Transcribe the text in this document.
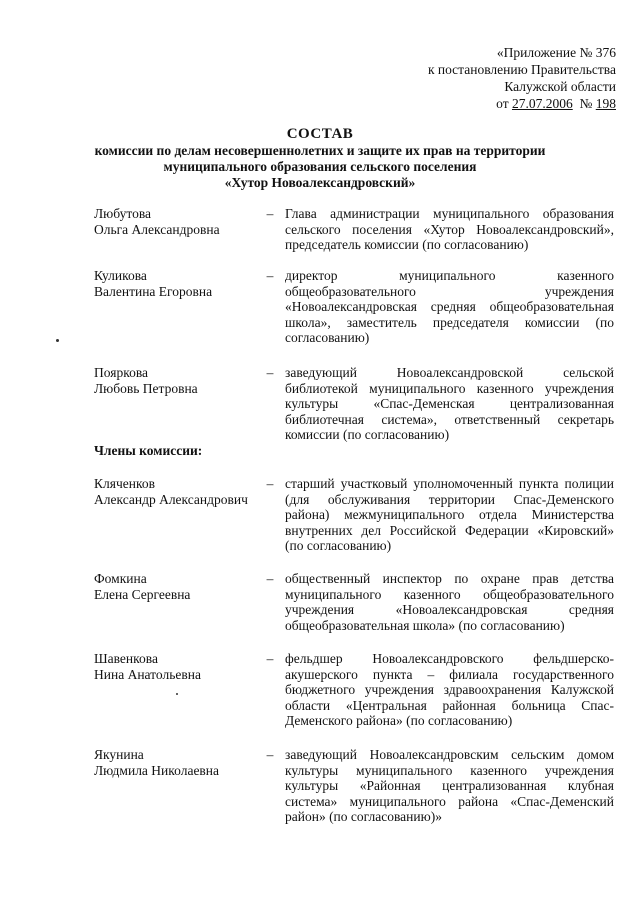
«Приложение № 376
к постановлению Правительства
Калужской области
от 27.07.2006  № 198
СОСТАВ
комиссии по делам несовершеннолетних и защите их прав на территории
муниципального образования сельского поселения
«Хутор Новоалександровский»
Любутова
Ольга Александровна
– Глава администрации муниципального образования сельского поселения «Хутор Новоалександровский», председатель комиссии (по согласованию)
Куликова
Валентина Егоровна
– директор муниципального казенного общеобразовательного учреждения «Новоалександровская средняя общеобразовательная школа», заместитель председателя комиссии (по согласованию)
Пояркова
Любовь Петровна
– заведующий Новоалександровской сельской библиотекой муниципального казенного учреждения культуры «Спас-Деменская централизованная библиотечная система», ответственный секретарь комиссии (по согласованию)
Члены комиссии:
Кляченков
Александр Александрович
– старший участковый уполномоченный пункта полиции (для обслуживания территории Спас-Деменского района) межмуниципального отдела Министерства внутренних дел Российской Федерации «Кировский» (по согласованию)
Фомкина
Елена Сергеевна
– общественный инспектор по охране прав детства муниципального казенного общеобразовательного учреждения «Новоалександровская средняя общеобразовательная школа» (по согласованию)
Шавенкова
Нина Анатольевна
– фельдшер Новоалександровского фельдшерско-акушерского пункта – филиала государственного бюджетного учреждения здравоохранения Калужской области «Центральная районная больница Спас-Деменского района» (по согласованию)
Якунина
Людмила Николаевна
– заведующий Новоалександровским сельским домом культуры муниципального казенного учреждения культуры «Районная централизованная клубная система» муниципального района «Спас-Деменский район» (по согласованию)»
